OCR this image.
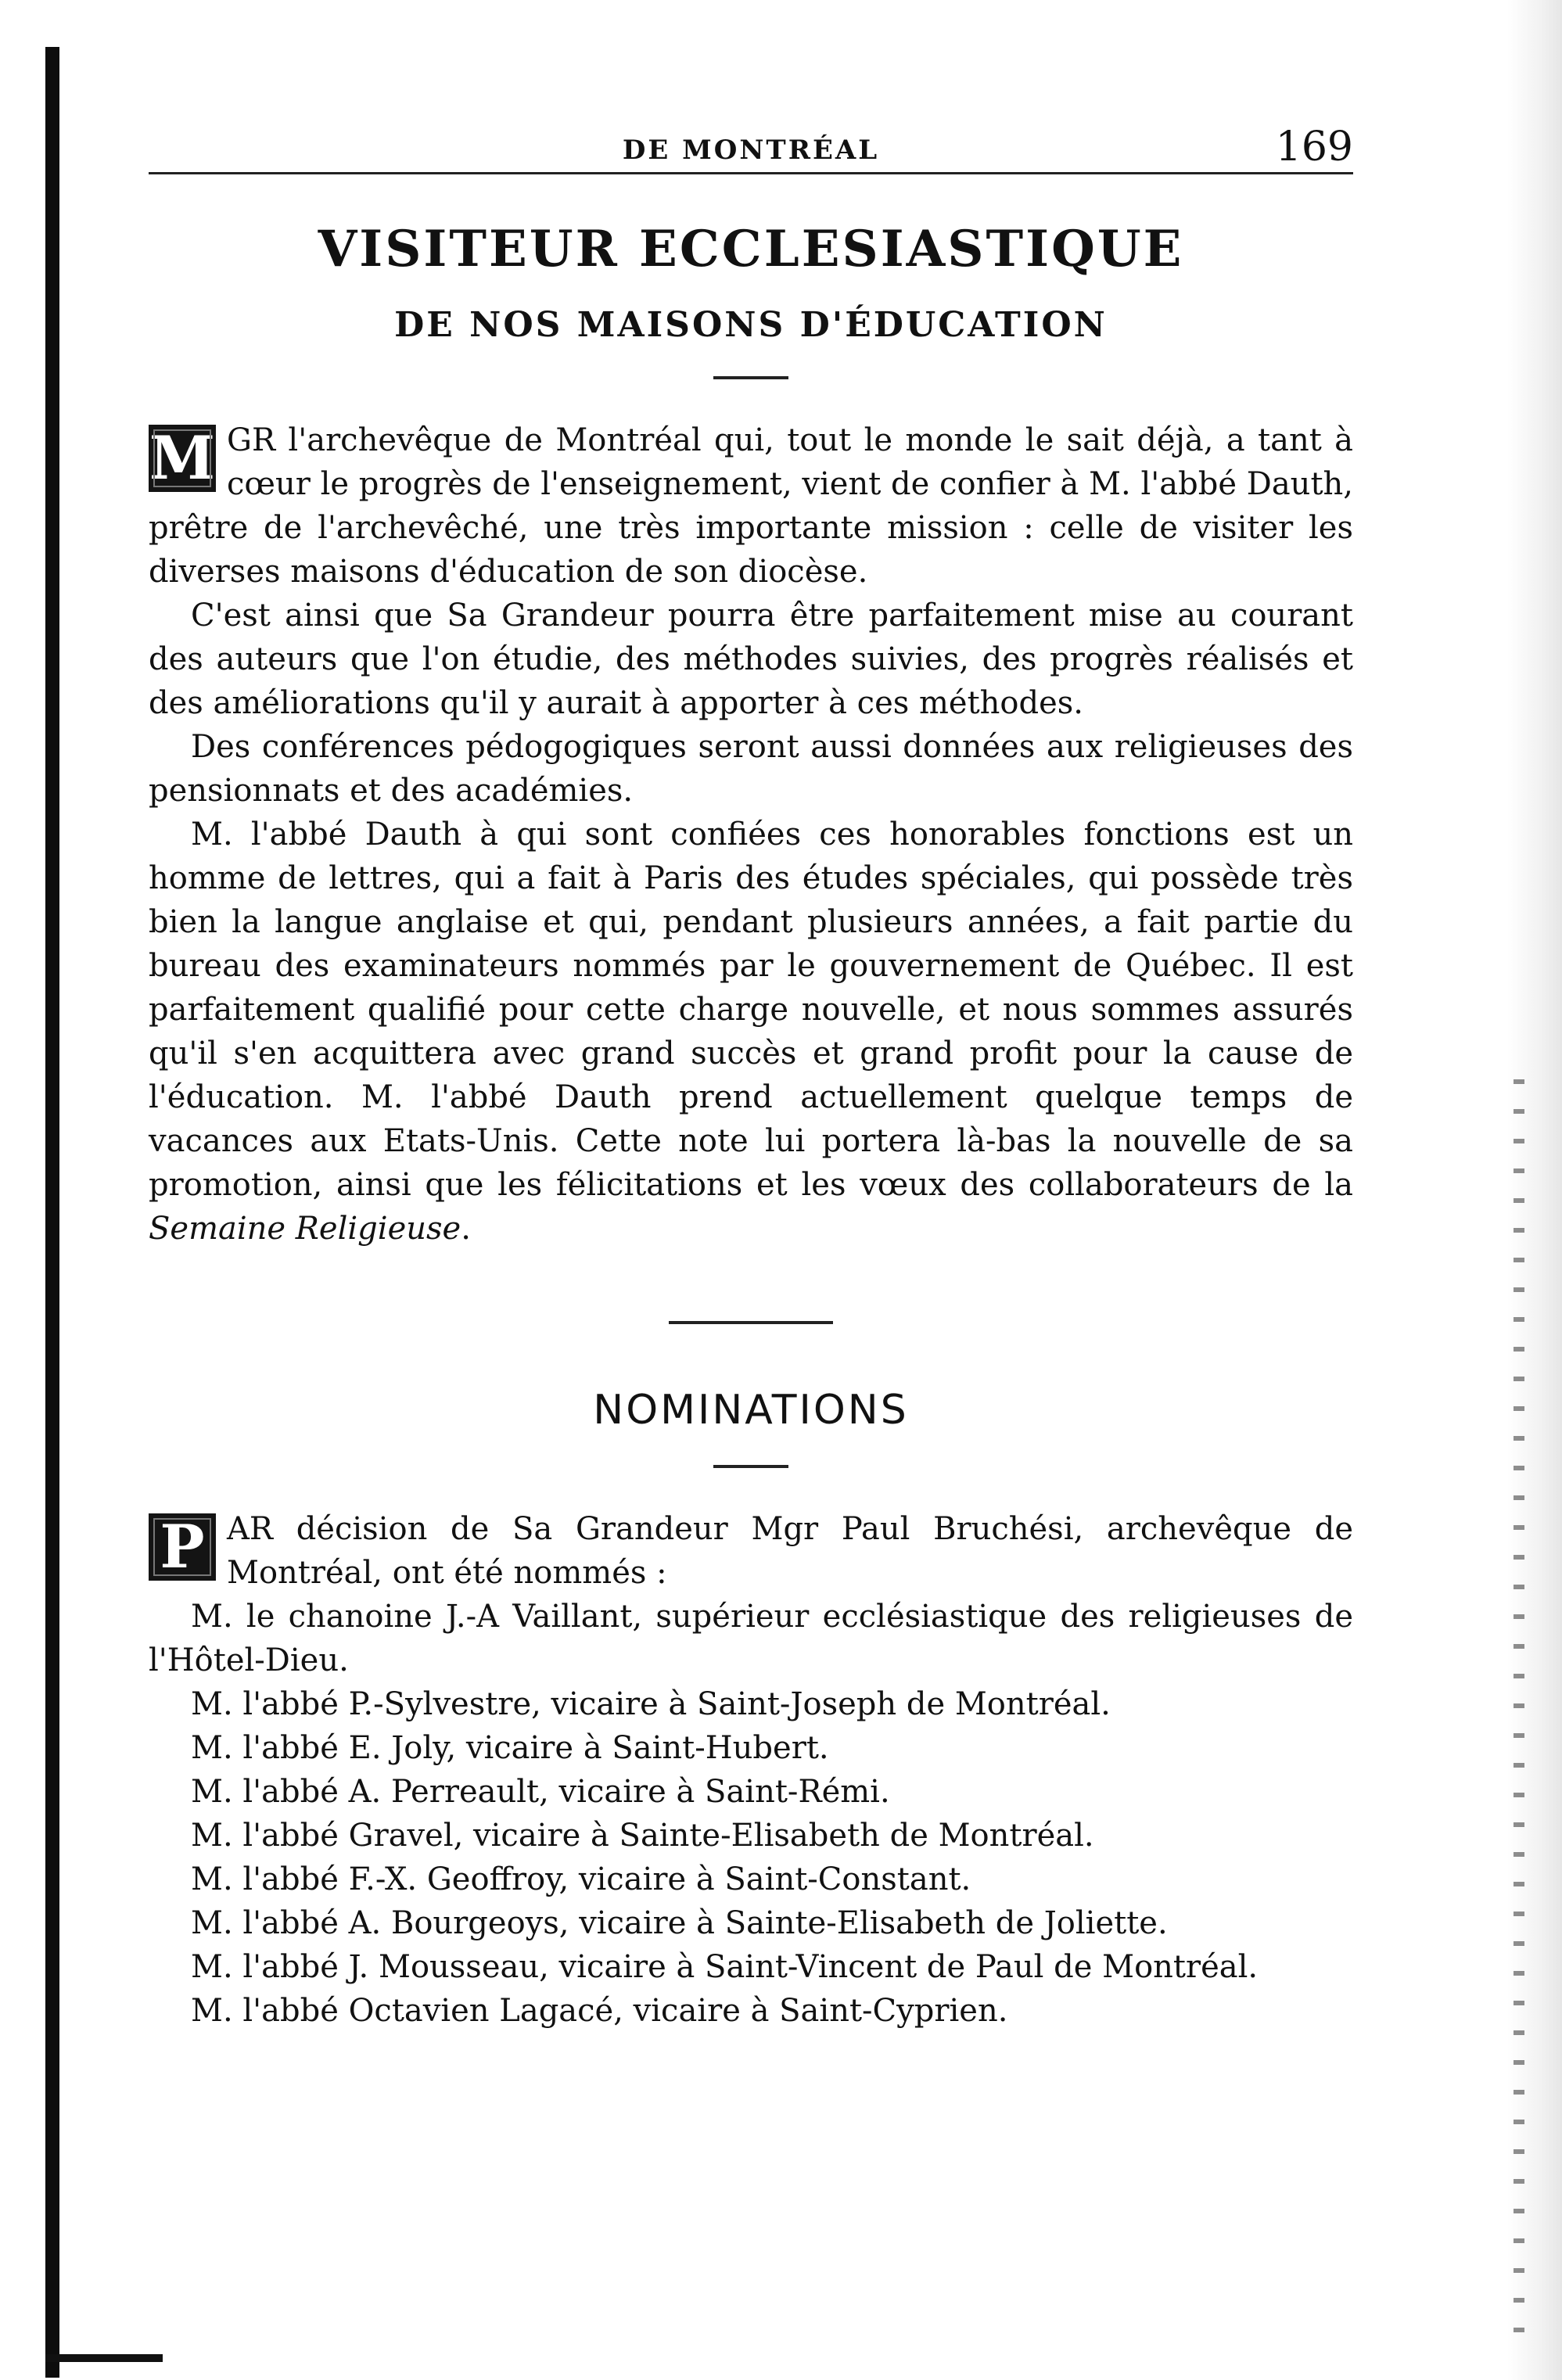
DE MONTRÉAL	169
VISITEUR ECCLESIASTIQUE
DE NOS MAISONS D'ÉDUCATION

M GR l'archevêque de Montréal qui, tout le monde le sait déjà, a tant à cœur le progrès de l'enseignement, vient de confier à M. l'abbé Dauth, prêtre de l'archevêché, une très importante mission : celle de visiter les diverses maisons d'éducation de son diocèse.

C'est ainsi que Sa Grandeur pourra être parfaitement mise au courant des auteurs que l'on étudie, des méthodes suivies, des progrès réalisés et des améliorations qu'il y aurait à apporter à ces méthodes.

Des conférences pédogogiques seront aussi données aux religieuses des pensionnats et des académies.

M. l'abbé Dauth à qui sont confiées ces honorables fonctions est un homme de lettres, qui a fait à Paris des études spéciales, qui possède très bien la langue anglaise et qui, pendant plusieurs années, a fait partie du bureau des examinateurs nommés par le gouvernement de Québec. Il est parfaitement qualifié pour cette charge nouvelle, et nous sommes assurés qu'il s'en acquittera avec grand succès et grand profit pour la cause de l'éducation. M. l'abbé Dauth prend actuellement quelque temps de vacances aux Etats-Unis. Cette note lui portera là-bas la nouvelle de sa promotion, ainsi que les félicitations et les vœux des collaborateurs de la Semaine Religieuse.

NOMINATIONS

P AR décision de Sa Grandeur Mgr Paul Bruchési, archevêque de Montréal, ont été nommés :

M. le chanoine J.-A Vaillant, supérieur ecclésiastique des religieuses de l'Hôtel-Dieu.

M. l'abbé P.-Sylvestre, vicaire à Saint-Joseph de Montréal.

M. l'abbé E. Joly, vicaire à Saint-Hubert.

M. l'abbé A. Perreault, vicaire à Saint-Rémi.

M. l'abbé Gravel, vicaire à Sainte-Elisabeth de Montréal.

M. l'abbé F.-X. Geoffroy, vicaire à Saint-Constant.

M. l'abbé A. Bourgeoys, vicaire à Sainte-Elisabeth de Joliette.

M. l'abbé J. Mousseau, vicaire à Saint-Vincent de Paul de Montréal.

M. l'abbé Octavien Lagacé, vicaire à Saint-Cyprien.
